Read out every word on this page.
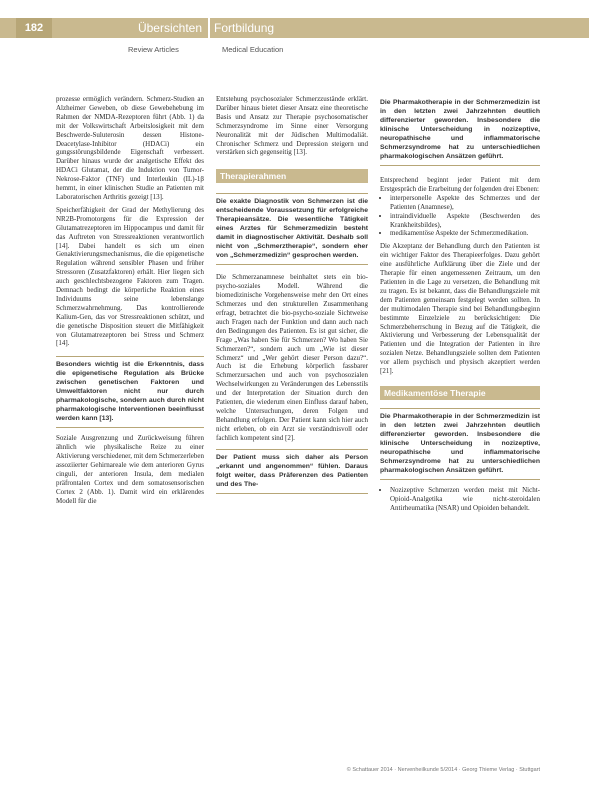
182	Übersichten	Fortbildung
Review Articles	Medical Education

prozesse ermöglich verändern. Schmerz-Studien an Alzheimer Geweben, ob diese Gewebehebung im Rahmen der NMDA-Rezeptoren führt (Abb. 1) da mit der Volkswirtschaft Arbeitslosigkeit mit dem Beschwerde-Suluterosin dessen Histone-Deacetylase-Inhibitor (HDACi) ein gungsstörungsbildende Eigenschaft verbessert. Darüber hinaus wurde der analgetische Effekt des HDACi Glutamat, der die Induktion von Tumor-Nekrose-Faktor (TNF) und Interleukin (IL)-1β hemmt, in einer klinischen Studie an Patienten mit Laboratorischen Arthritis gezeigt [13].

Speicherfähigkeit der Grad der Methylierung des NR2B-Promotorgens für die Expression der Glutamatrezeptoren im Hippocampus und damit für das Auftreten von Stressreaktionen verantwortlich [14]. Dabei handelt es sich um einen Genaktivierungsmechanismus, die die epigenetische Regulation während sensibler Phasen und früher Stressoren (Zusatzfaktoren) erhält. Hier liegen sich auch geschlechtsbezogene Faktoren zum Tragen. Demnach bedingt die körperliche Reaktion eines Individuums seine lebenslange Schmerzwahrnehmung. Das kontrollierende Kalium-Gen, das vor Stressreaktionen schützt, und die genetische Disposition steuert die Mitfähigkeit von Glutamatrezeptoren bei Stress und Schmerz [14].

Besonders wichtig ist die Erkenntnis, dass die epigenetische Regulation als Brücke zwischen genetischen Faktoren und Umweltfaktoren nicht nur durch pharmakologische, sondern auch durch nicht pharmakologische Interventionen beeinflusst werden kann [13].

Soziale Ausgrenzung und Zurückweisung führen ähnlich wie physikalische Reize zu einer Aktivierung verschiedener, mit dem Schmerzerleben assoziierter Gehirnareale wie dem anterioren Gyrus cinguli, der anterioren Insula, dem medialen präfrontalen Cortex und dem somatosensorischen Cortex 2 (Abb. 1). Damit wird ein erklärendes Modell für die

Entstehung psychosozialer Schmerzzustände erklärt. Darüber hinaus bietet dieser Ansatz eine theoretische Basis und Ansatz zur Therapie psychosomatischer Schmerzsyndrome im Sinne einer Versorgung Neuronalität mit der Jüdischen Multimodaliät. Chronischer Schmerz und Depression steigern und verstärken sich gegenseitig [13].

Therapierahmen
Die exakte Diagnostik von Schmerzen ist die entscheidende Voraussetzung für erfolgreiche Therapieansätze. Die wesentliche Tätigkeit eines Arztes für Schmerzmedizin besteht damit in diagnostischer Aktivität. Deshalb soll nicht von „Schmerztherapie“, sondern eher von „Schmerzmedizin“ gesprochen werden.

Die Schmerzanamnese beinhaltet stets ein bio-psycho-soziales Modell. Während die biomedizinische Vorgehensweise mehr den Ort eines Schmerzes und den strukturellen Zusammenhang erfragt, betrachtet die bio-psycho-soziale Sichtweise auch Fragen nach der Funktion und dann auch nach den Bedingungen des Patienten. Es ist gut sicher, die Frage „Was haben Sie für Schmerzen? Wo haben Sie Schmerzen?“, sondern auch um „Wie ist dieser Schmerz“ und „Wer gehört dieser Person dazu?“. Auch ist die Erhebung körperlich fassbarer Schmerzursachen und auch von psychosozialen Wechselwirkungen zu Veränderungen des Lebensstils und der Interpretation der Situation durch den Patienten, die wiederum einen Einfluss darauf haben, welche Untersuchungen, deren Folgen und Behandlung erfolgen. Der Patient kann sich hier auch nicht erleben, ob ein Arzt sie verständnisvoll oder fachlich kompetent sind [2].

Der Patient muss sich daher als Person „erkannt und angenommen“ fühlen. Daraus folgt weiter, dass Präferenzen des Patienten und des The-
Die Pharmakotherapie in der Schmerzmedizin ist in den letzten zwei Jahrzehnten deutlich differenzierter geworden. Insbesondere die klinische Unterscheidung in nozizeptive, neuropathische und inflammatorische Schmerzsyndrome hat zu unterschiedlichen pharmakologischen Ansätzen geführt.

Entsprechend beginnt jeder Patient mit dem Erstgespräch die Erarbeitung der folgenden drei Ebenen:

• interpersonelle Aspekte des Schmerzes und der Patienten (Anamnese),
• intraindividuelle Aspekte (Beschwerden des Krankheitsbildes),
• medikamentöse Aspekte der Schmerzmedikation.

Die Akzeptanz der Behandlung durch den Patienten ist ein wichtiger Faktor des Therapieerfolges. Dazu gehört eine ausführliche Aufklärung über die Ziele und der Therapie für einen angemessenen Zeitraum, um den Patienten in die Lage zu versetzen, die Behandlung mit zu tragen. Es ist bekannt, dass die Behandlungsziele mit dem Patienten gemeinsam festgelegt werden sollten. In der multimodalen Therapie sind bei Behandlungsbeginn bestimmte Einzelziele zu berücksichtigen: Die Schmerzbeherrschung in Bezug auf die Tätigkeit, die Aktivierung und Verbesserung der Lebensqualität der Patienten und die Integration der Patienten in ihre sozialen Netze. Behandlungsziele sollten dem Patienten vor allem psychisch und physisch akzeptiert werden [21].

Medikamentöse Therapie
Die Pharmakotherapie in der Schmerzmedizin ist in den letzten zwei Jahrzehnten deutlich differenzierter geworden. Insbesondere die klinische Unterscheidung in nozizeptive, neuropathische und inflammatorische Schmerzsyndrome hat zu unterschiedlichen pharmakologischen Ansätzen geführt.
• Nozizeptive Schmerzen werden meist mit Nicht-Opioid-Analgetika wie nicht-steroidalen Antirheumatika (NSAR) und Opioiden behandelt.
© Schattauer 2014 · Nervenheilkunde 5/2014 · Georg Thieme Verlag · Stuttgart
